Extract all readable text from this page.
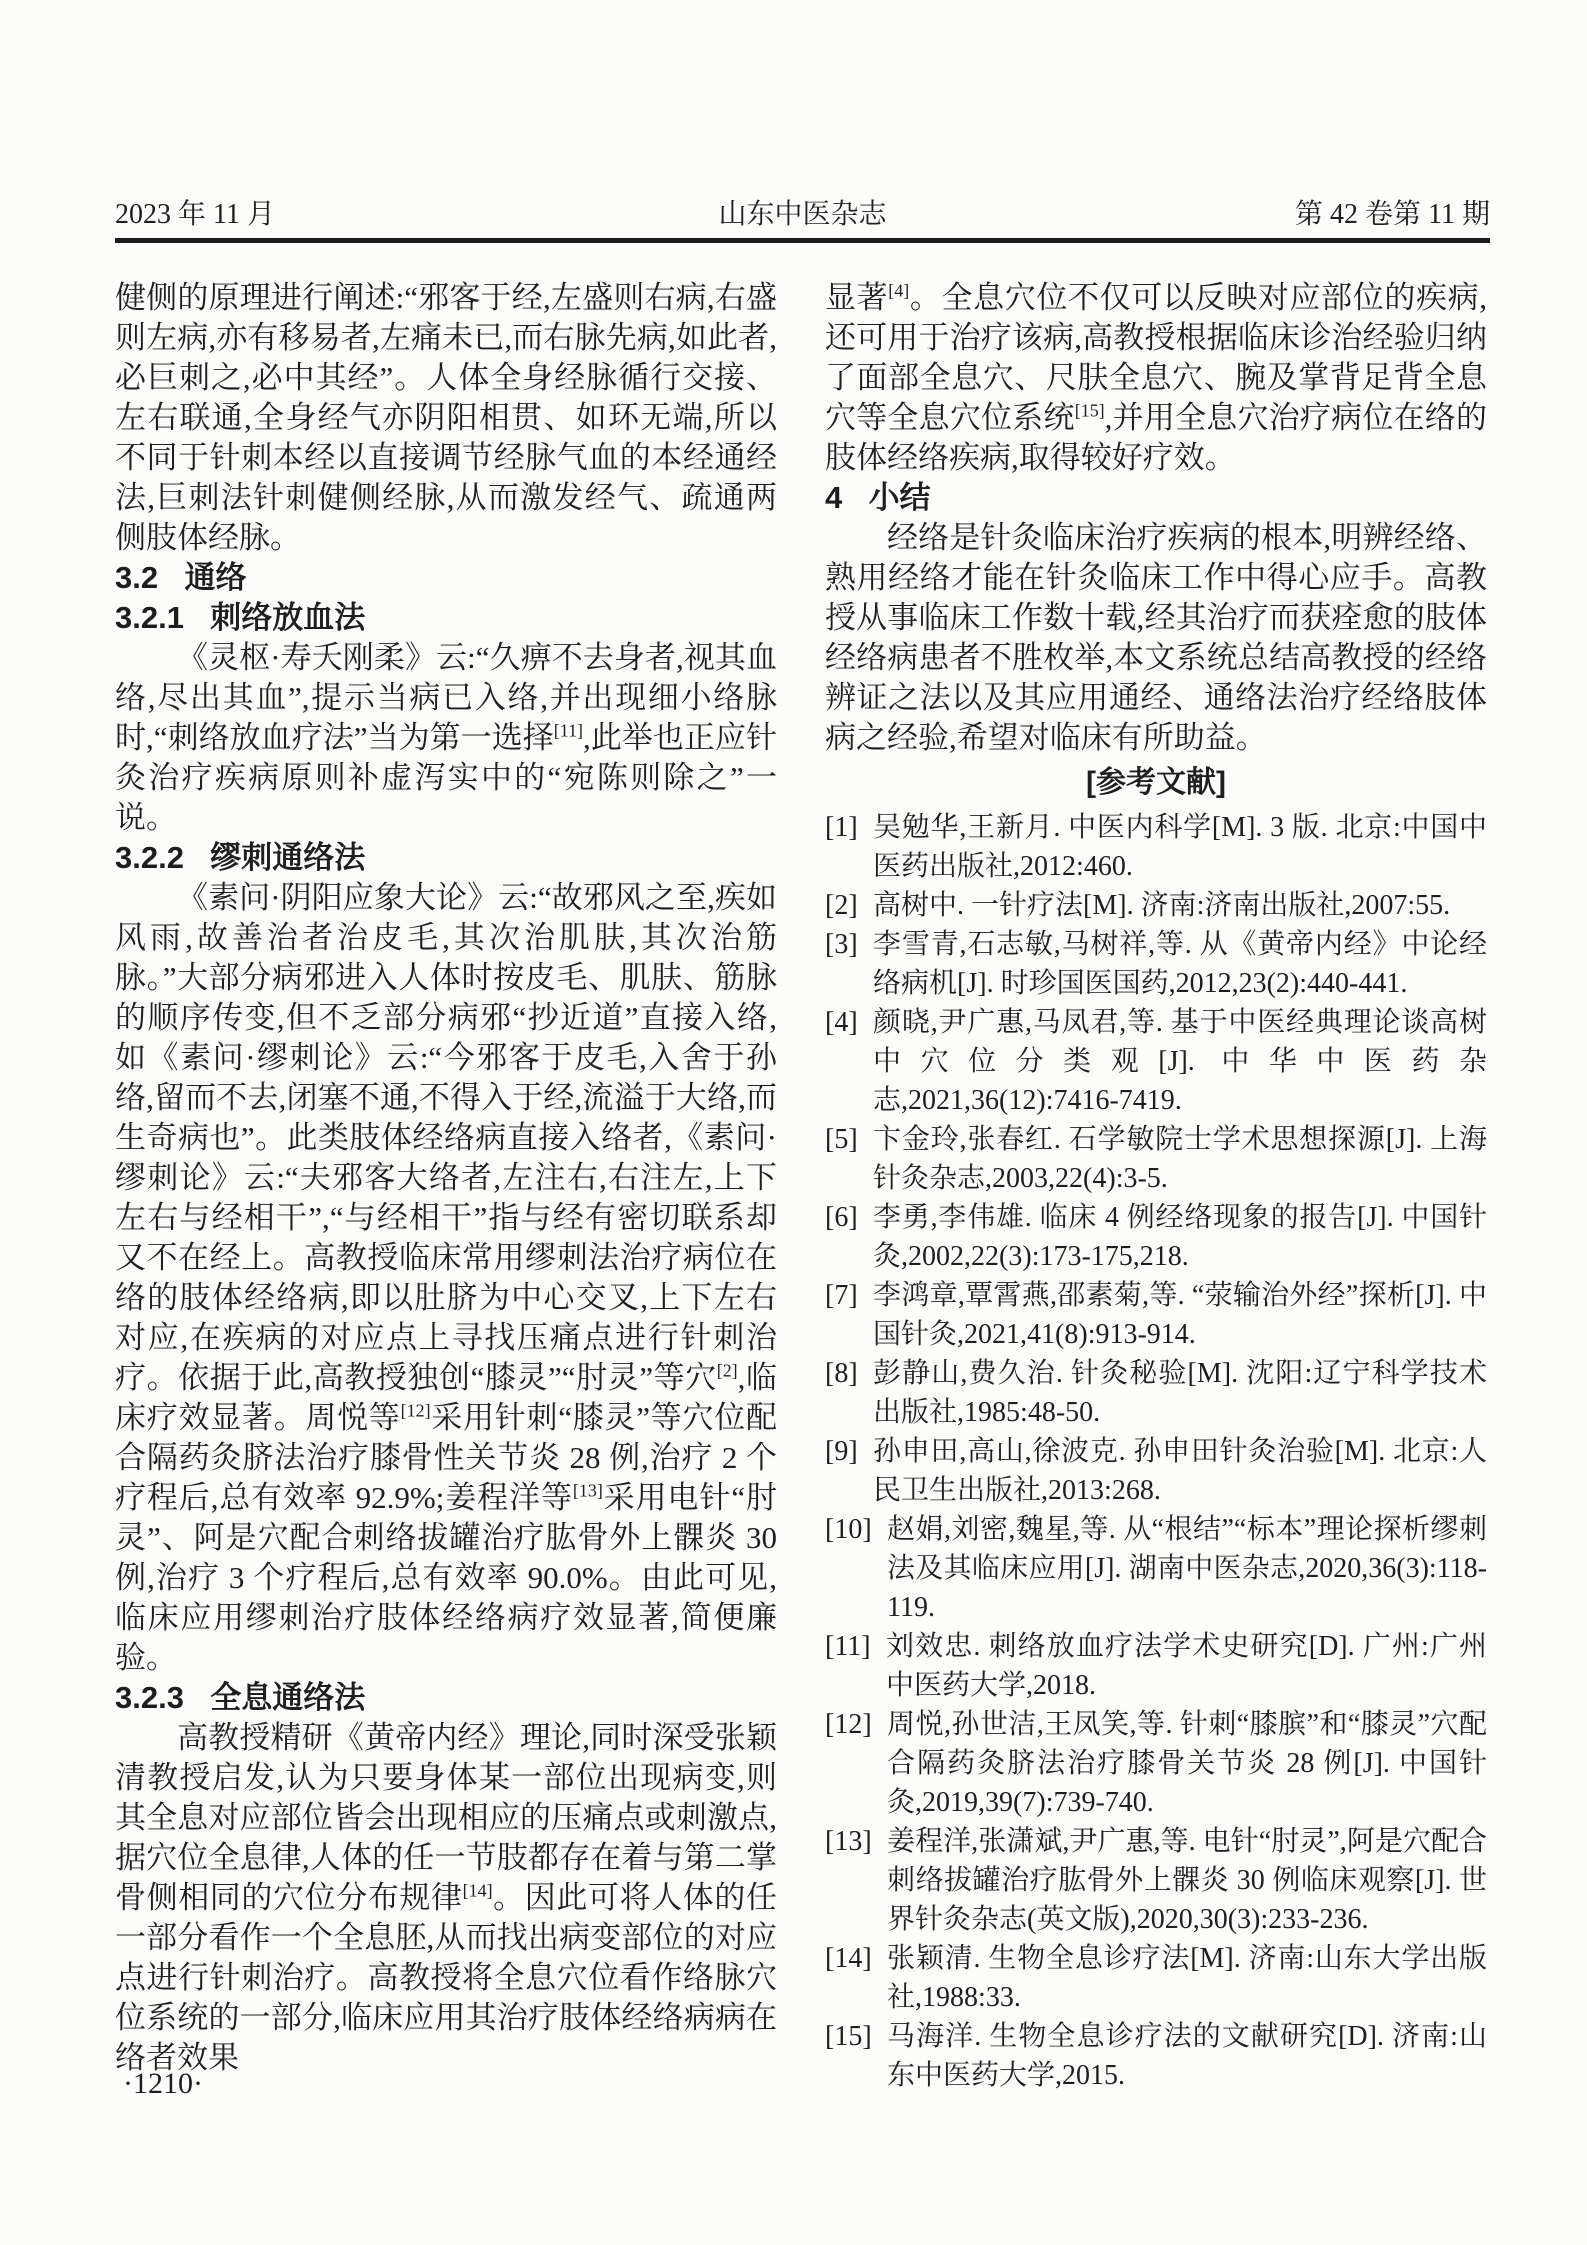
2023 年 11 月	山东中医杂志	第 42 卷第 11 期

健侧的原理进行阐述:“邪客于经,左盛则右病,右盛则左病,亦有移易者,左痛未已,而右脉先病,如此者,必巨刺之,必中其经”。人体全身经脉循行交接、左右联通,全身经气亦阴阳相贯、如环无端,所以不同于针刺本经以直接调节经脉气血的本经通经法,巨刺法针刺健侧经脉,从而激发经气、疏通两侧肢体经脉。

3.2 通络
3.2.1 刺络放血法

《灵枢·寿夭刚柔》云:“久痹不去身者,视其血络,尽出其血”,提示当病已入络,并出现细小络脉时,“刺络放血疗法”当为第一选择[11],此举也正应针灸治疗疾病原则补虚泻实中的“宛陈则除之”一说。

3.2.2 缪刺通络法

《素问·阴阳应象大论》云:“故邪风之至,疾如风雨,故善治者治皮毛,其次治肌肤,其次治筋脉。”大部分病邪进入人体时按皮毛、肌肤、筋脉的顺序传变,但不乏部分病邪“抄近道”直接入络,如《素问·缪刺论》云:“今邪客于皮毛,入舍于孙络,留而不去,闭塞不通,不得入于经,流溢于大络,而生奇病也”。此类肢体经络病直接入络者,《素问·缪刺论》云:“夫邪客大络者,左注右,右注左,上下左右与经相干”,“与经相干”指与经有密切联系却又不在经上。高教授临床常用缪刺法治疗病位在络的肢体经络病,即以肚脐为中心交叉,上下左右对应,在疾病的对应点上寻找压痛点进行针刺治疗。依据于此,高教授独创“膝灵”“肘灵”等穴[2],临床疗效显著。周悦等[12]采用针刺“膝灵”等穴位配合隔药灸脐法治疗膝骨性关节炎 28 例,治疗 2 个疗程后,总有效率 92.9%;姜程洋等[13]采用电针“肘灵”、阿是穴配合刺络拔罐治疗肱骨外上髁炎 30 例,治疗 3 个疗程后,总有效率 90.0%。由此可见,临床应用缪刺治疗肢体经络病疗效显著,简便廉验。

3.2.3 全息通络法

高教授精研《黄帝内经》理论,同时深受张颖清教授启发,认为只要身体某一部位出现病变,则其全息对应部位皆会出现相应的压痛点或刺激点,据穴位全息律,人体的任一节肢都存在着与第二掌骨侧相同的穴位分布规律[14]。因此可将人体的任一部分看作一个全息胚,从而找出病变部位的对应点进行针刺治疗。高教授将全息穴位看作络脉穴位系统的一部分,临床应用其治疗肢体经络病病在络者效果

显著[4]。全息穴位不仅可以反映对应部位的疾病,还可用于治疗该病,高教授根据临床诊治经验归纳了面部全息穴、尺肤全息穴、腕及掌背足背全息穴等全息穴位系统[15],并用全息穴治疗病位在络的肢体经络疾病,取得较好疗效。

4 小结

经络是针灸临床治疗疾病的根本,明辨经络、熟用经络才能在针灸临床工作中得心应手。高教授从事临床工作数十载,经其治疗而获痊愈的肢体经络病患者不胜枚举,本文系统总结高教授的经络辨证之法以及其应用通经、通络法治疗经络肢体病之经验,希望对临床有所助益。

[参考文献]
[1] 吴勉华,王新月. 中医内科学[M]. 3 版. 北京:中国中医药出版社,2012:460.
[2] 高树中. 一针疗法[M]. 济南:济南出版社,2007:55.
[3] 李雪青,石志敏,马树祥,等. 从《黄帝内经》中论经络病机[J]. 时珍国医国药,2012,23(2):440-441.
[4] 颜晓,尹广惠,马凤君,等. 基于中医经典理论谈高树中穴位分类观[J]. 中华中医药杂志,2021,36(12):7416-7419.
[5] 卞金玲,张春红. 石学敏院士学术思想探源[J]. 上海针灸杂志,2003,22(4):3-5.
[6] 李勇,李伟雄. 临床 4 例经络现象的报告[J]. 中国针灸,2002,22(3):173-175,218.
[7] 李鸿章,覃霄燕,邵素菊,等. “荥输治外经”探析[J]. 中国针灸,2021,41(8):913-914.
[8] 彭静山,费久治. 针灸秘验[M]. 沈阳:辽宁科学技术出版社,1985:48-50.
[9] 孙申田,高山,徐波克. 孙申田针灸治验[M]. 北京:人民卫生出版社,2013:268.
[10] 赵娟,刘密,魏星,等. 从“根结”“标本”理论探析缪刺法及其临床应用[J]. 湖南中医杂志,2020,36(3):118-119.
[11] 刘效忠. 刺络放血疗法学术史研究[D]. 广州:广州中医药大学,2018.
[12] 周悦,孙世洁,王凤笑,等. 针刺“膝膑”和“膝灵”穴配合隔药灸脐法治疗膝骨关节炎 28 例[J]. 中国针灸,2019,39(7):739-740.
[13] 姜程洋,张潇斌,尹广惠,等. 电针“肘灵”,阿是穴配合刺络拔罐治疗肱骨外上髁炎 30 例临床观察[J]. 世界针灸杂志(英文版),2020,30(3):233-236.
[14] 张颖清. 生物全息诊疗法[M]. 济南:山东大学出版社,1988:33.
[15] 马海洋. 生物全息诊疗法的文献研究[D]. 济南:山东中医药大学,2015.
·1210·
